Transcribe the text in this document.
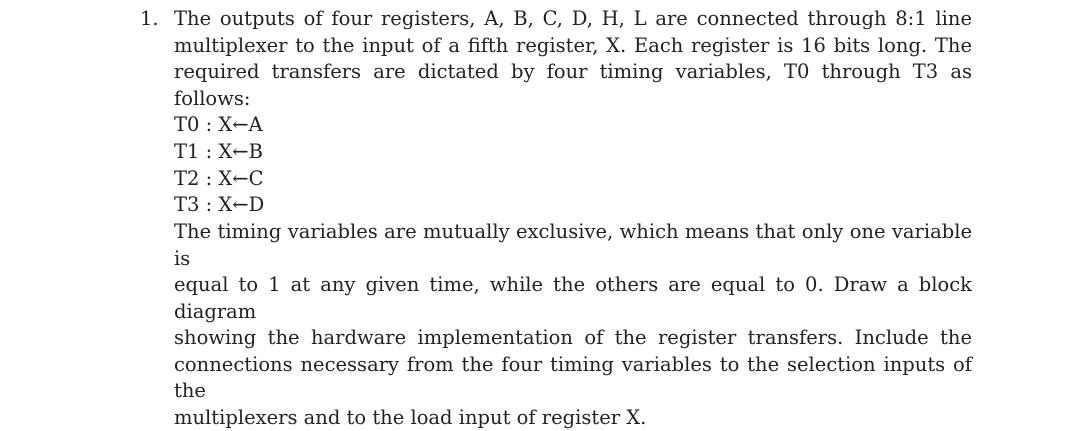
1. The outputs of four registers, A, B, C, D, H, L are connected through 8:1 line
multiplexer to the input of a fifth register, X. Each register is 16 bits long. The
required transfers are dictated by four timing variables, T0 through T3 as follows:
T0 : X←A
T1 : X←B
T2 : X←C
T3 : X←D
The timing variables are mutually exclusive, which means that only one variable is
equal to 1 at any given time, while the others are equal to 0. Draw a block diagram
showing the hardware implementation of the register transfers. Include the
connections necessary from the four timing variables to the selection inputs of the
multiplexers and to the load input of register X.
